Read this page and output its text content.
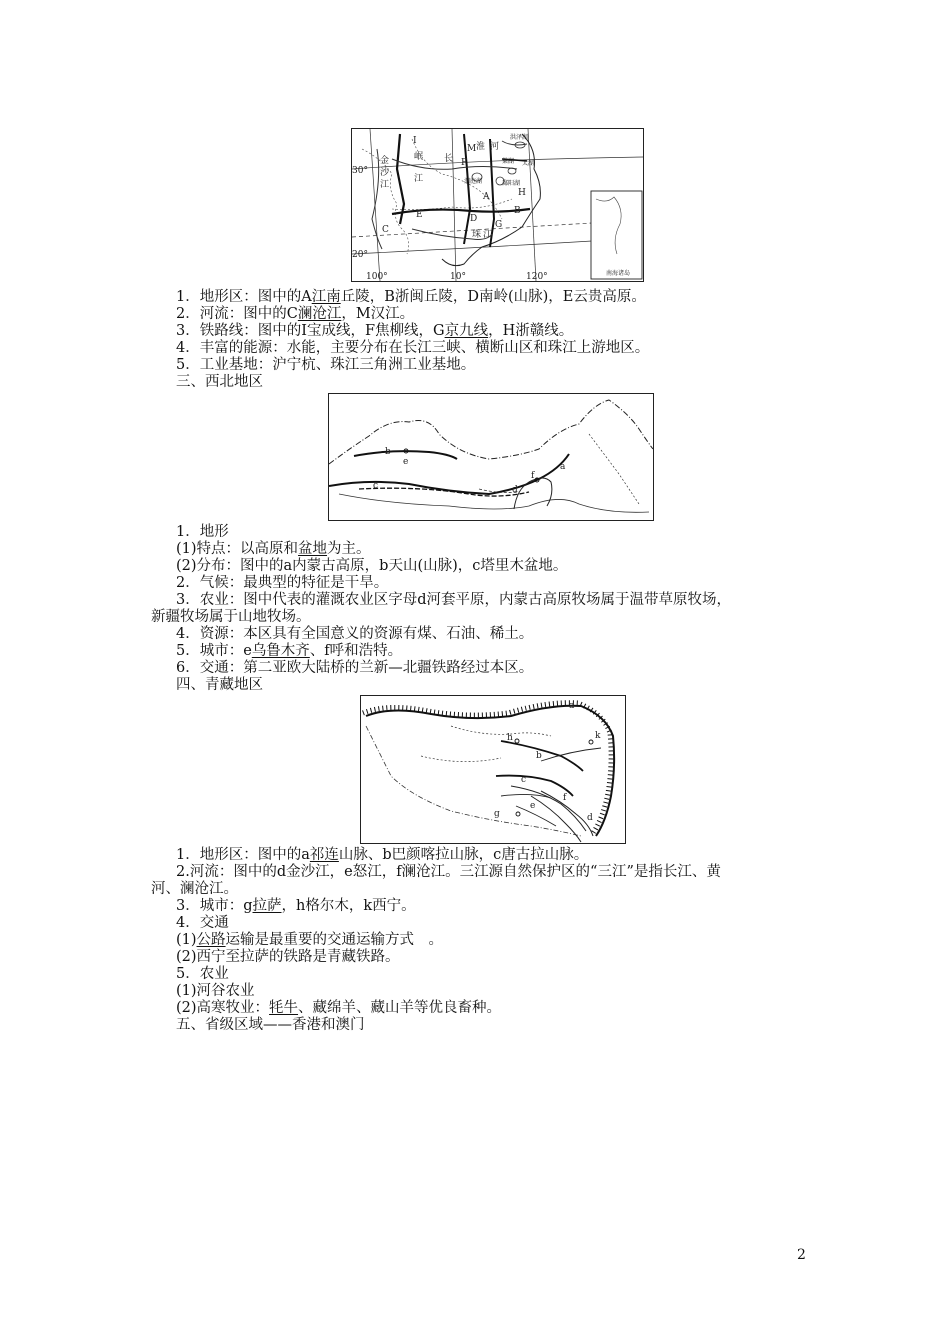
南海诸岛
30°
20°
100°	10°	120°
A
B
C
D
E
F
G
H
I
M
金
沙
江
岷
江
长
淮 河
洪泽湖
巢湖 太湖
鄱阳湖
洞庭湖
珠 江
1．地形区：图中的A江南丘陵，B浙闽丘陵，D南岭(山脉)，E云贵高原。
2．河流：图中的C澜沧江，M汉江。
3．铁路线：图中的Ⅰ宝成线，F焦柳线，G京九线，H浙赣线。
4．丰富的能源：水能，主要分布在长江三峡、横断山区和珠江上游地区。
5．工业基地：沪宁杭、珠江三角洲工业基地。
三、西北地区
a
b
c	d
e
f
1．地形
(1)特点：以高原和盆地为主。
(2)分布：图中的a内蒙古高原，b天山(山脉)，c塔里木盆地。
2．气候：最典型的特征是干旱。
3．农业：图中代表的灌溉农业区字母d河套平原，内蒙古高原牧场属于温带草原牧场，
新疆牧场属于山地牧场。
4．资源：本区具有全国意义的资源有煤、石油、稀土。
5．城市：e乌鲁木齐、f呼和浩特。
6．交通：第二亚欧大陆桥的兰新—北疆铁路经过本区。
四、青藏地区
a
b
c
d
e
f
g
h	k
1．地形区：图中的a祁连山脉、b巴颜喀拉山脉，c唐古拉山脉。
2.河流：图中的d金沙江，e怒江，f澜沧江。三江源自然保护区的“三江”是指长江、黄
河、澜沧江。
3．城市：g拉萨，h格尔木，k西宁。
4．交通
(1)公路运输是最重要的交通运输方式　。
(2)西宁至拉萨的铁路是青藏铁路。
5．农业
(1)河谷农业
(2)高寒牧业：牦牛、藏绵羊、藏山羊等优良畜种。
五、省级区域——香港和澳门
2
